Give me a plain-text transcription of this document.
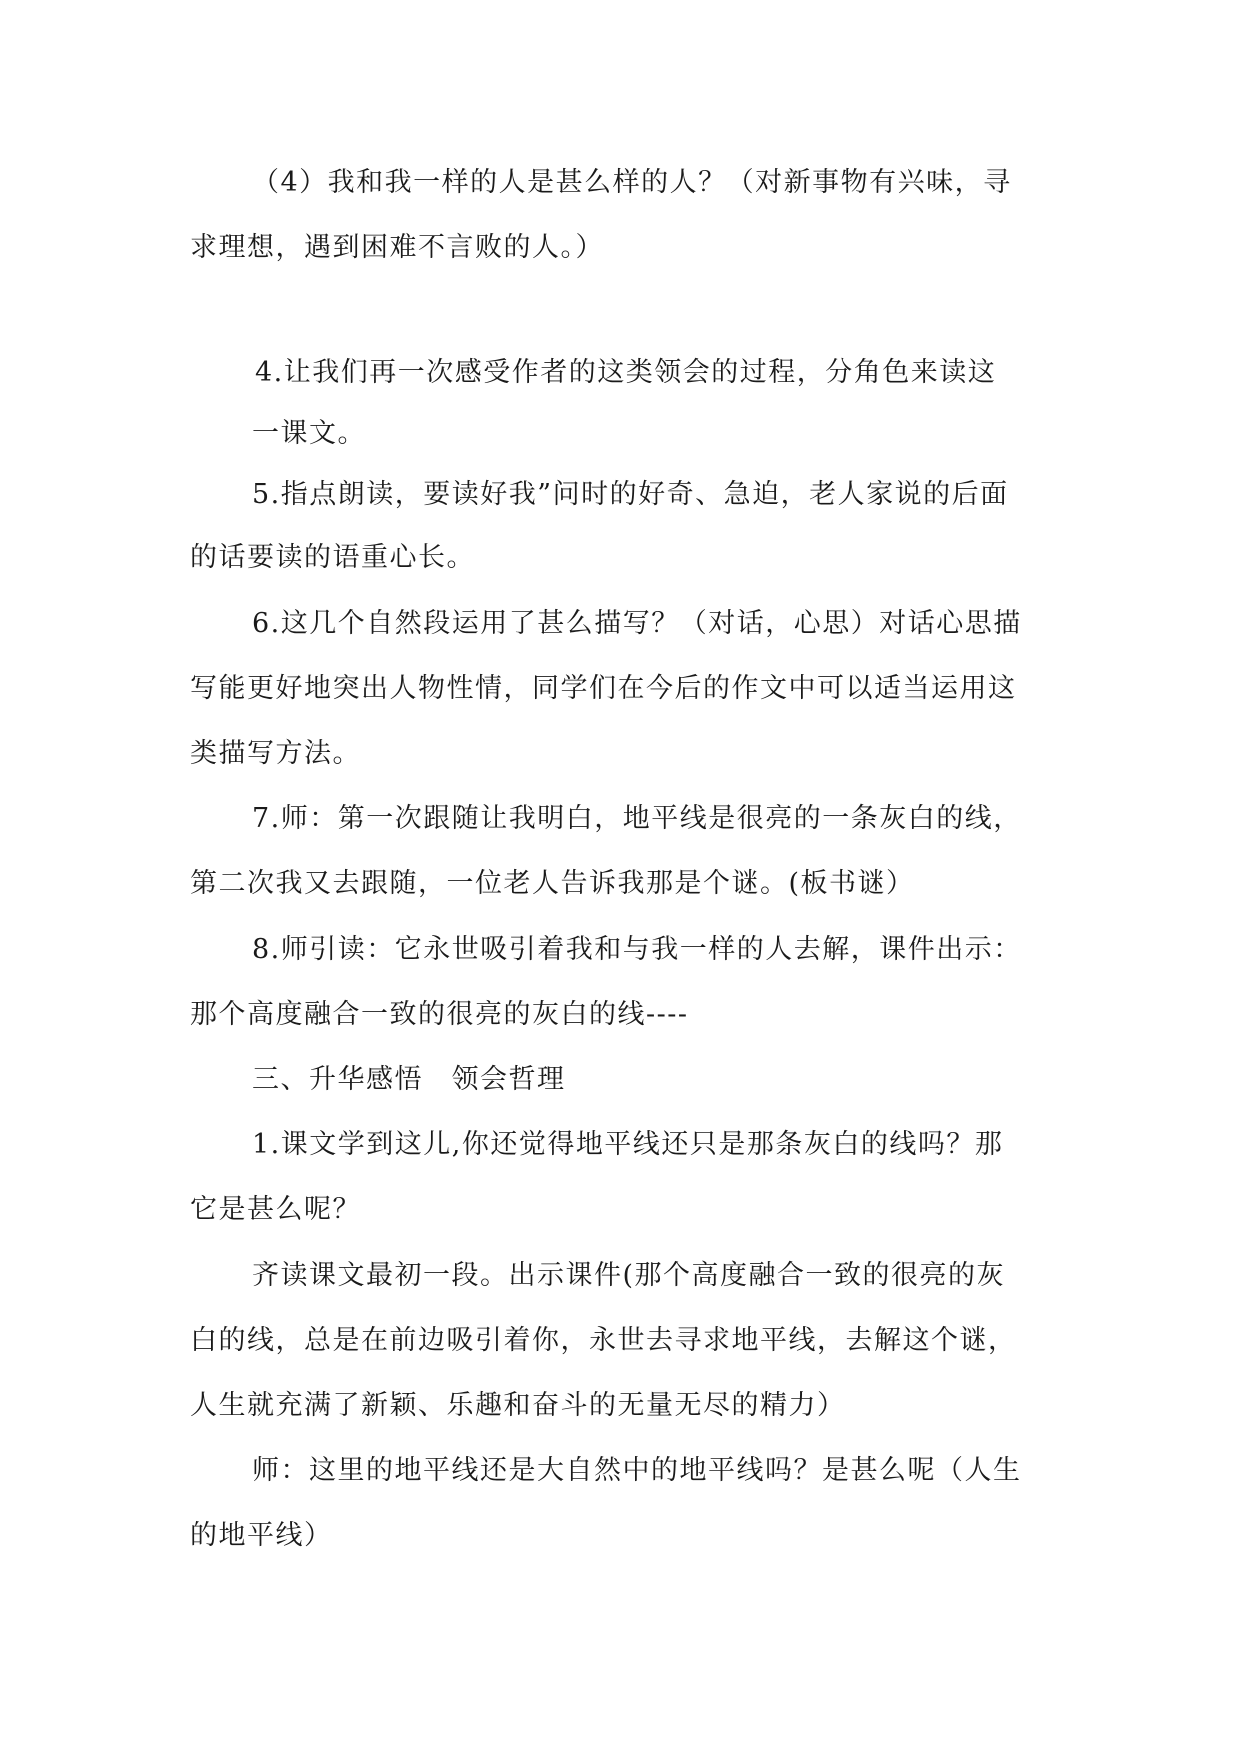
（4）我和我一样的人是甚么样的人？（对新事物有兴味，寻
求理想，遇到困难不言败的人。）
4.让我们再一次感受作者的这类领会的过程，分角色来读这
一课文。
5.指点朗读，要读好我”问时的好奇、急迫，老人家说的后面
的话要读的语重心长。
6.这几个自然段运用了甚么描写？（对话，心思）对话心思描
写能更好地突出人物性情，同学们在今后的作文中可以适当运用这
类描写方法。
7.师：第一次跟随让我明白，地平线是很亮的一条灰白的线，
第二次我又去跟随，一位老人告诉我那是个谜。(板书谜）
8.师引读：它永世吸引着我和与我一样的人去解，课件出示：
那个高度融合一致的很亮的灰白的线----
三、升华感悟　领会哲理
1.课文学到这儿,你还觉得地平线还只是那条灰白的线吗？那
它是甚么呢？
齐读课文最初一段。出示课件(那个高度融合一致的很亮的灰
白的线，总是在前边吸引着你，永世去寻求地平线，去解这个谜，
人生就充满了新颖、乐趣和奋斗的无量无尽的精力）
师：这里的地平线还是大自然中的地平线吗？是甚么呢（人生
的地平线）
